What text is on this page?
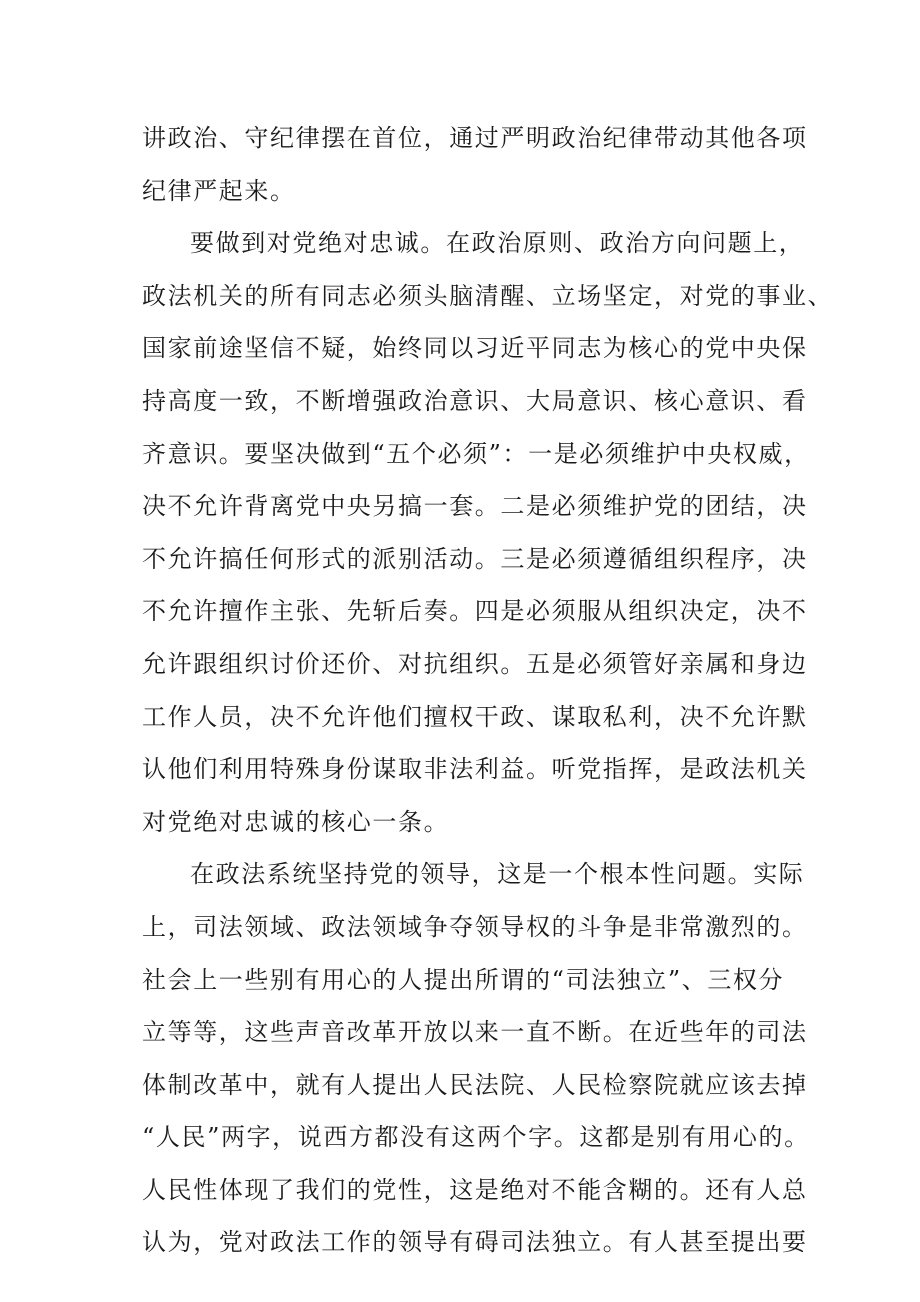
讲政治、守纪律摆在首位，通过严明政治纪律带动其他各项
纪律严起来。
要做到对党绝对忠诚。在政治原则、政治方向问题上，
政法机关的所有同志必须头脑清醒、立场坚定，对党的事业、
国家前途坚信不疑，始终同以习近平同志为核心的党中央保
持高度一致，不断增强政治意识、大局意识、核心意识、看
齐意识。要坚决做到“五个必须”：一是必须维护中央权威，
决不允许背离党中央另搞一套。二是必须维护党的团结，决
不允许搞任何形式的派别活动。三是必须遵循组织程序，决
不允许擅作主张、先斩后奏。四是必须服从组织决定，决不
允许跟组织讨价还价、对抗组织。五是必须管好亲属和身边
工作人员，决不允许他们擅权干政、谋取私利，决不允许默
认他们利用特殊身份谋取非法利益。听党指挥，是政法机关
对党绝对忠诚的核心一条。
在政法系统坚持党的领导，这是一个根本性问题。实际
上，司法领域、政法领域争夺领导权的斗争是非常激烈的。
社会上一些别有用心的人提出所谓的“司法独立”、三权分
立等等，这些声音改革开放以来一直不断。在近些年的司法
体制改革中，就有人提出人民法院、人民检察院就应该去掉
“人民”两字，说西方都没有这两个字。这都是别有用心的。
人民性体现了我们的党性，这是绝对不能含糊的。还有人总
认为，党对政法工作的领导有碍司法独立。有人甚至提出要
